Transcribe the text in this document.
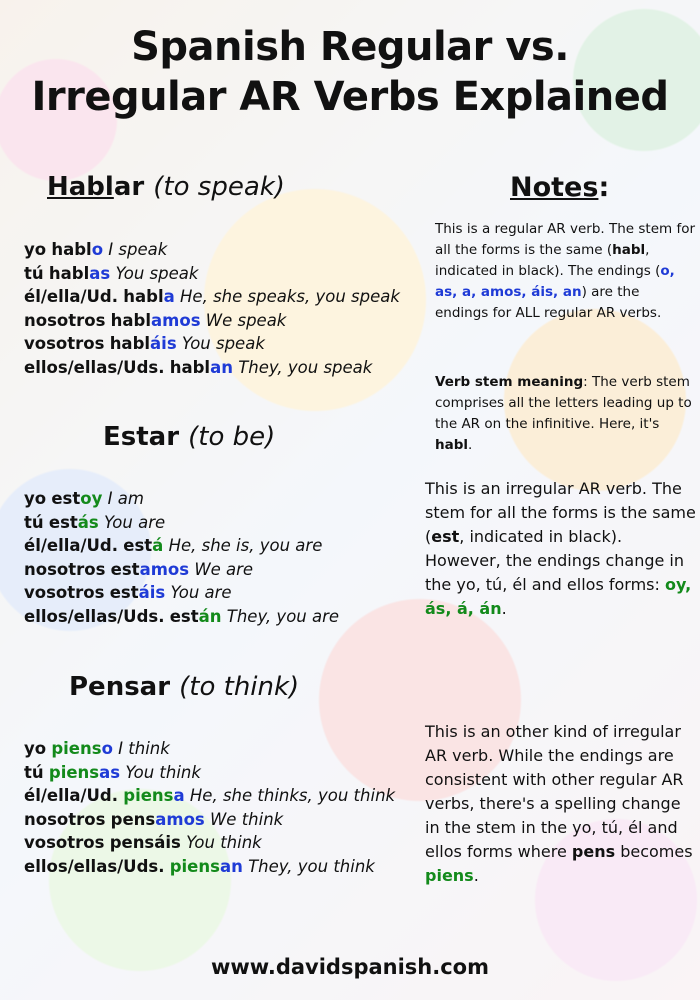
Spanish Regular vs.
Irregular AR Verbs Explained
Hablar (to speak)
yo hablo I speak
tú hablas You speak
él/ella/Ud. habla He, she speaks, you speak
nosotros hablamos We speak
vosotros habláis You speak
ellos/ellas/Uds. hablan They, you speak
Estar (to be)
yo estoy I am
tú estás You are
él/ella/Ud. está He, she is, you are
nosotros estamos We are
vosotros estáis You are
ellos/ellas/Uds. están They, you are
Pensar (to think)
yo pienso I think
tú piensas You think
él/ella/Ud. piensa He, she thinks, you think
nosotros pensamos We think
vosotros pensáis You think
ellos/ellas/Uds. piensan They, you think
Notes:
This is a regular AR verb. The stem for all the forms is the same (habl, indicated in black). The endings (o, as, a, amos, áis, an) are the endings for ALL regular AR verbs.
Verb stem meaning: The verb stem comprises all the letters leading up to the AR on the infinitive. Here, it's habl.
This is an irregular AR verb. The stem for all the forms is the same (est, indicated in black). However, the endings change in the yo, tú, él and ellos forms: oy, ás, á, án.
This is an other kind of irregular AR verb. While the endings are consistent with other regular AR verbs, there's a spelling change in the stem in the yo, tú, él and ellos forms where pens becomes piens.
www.davidspanish.com
